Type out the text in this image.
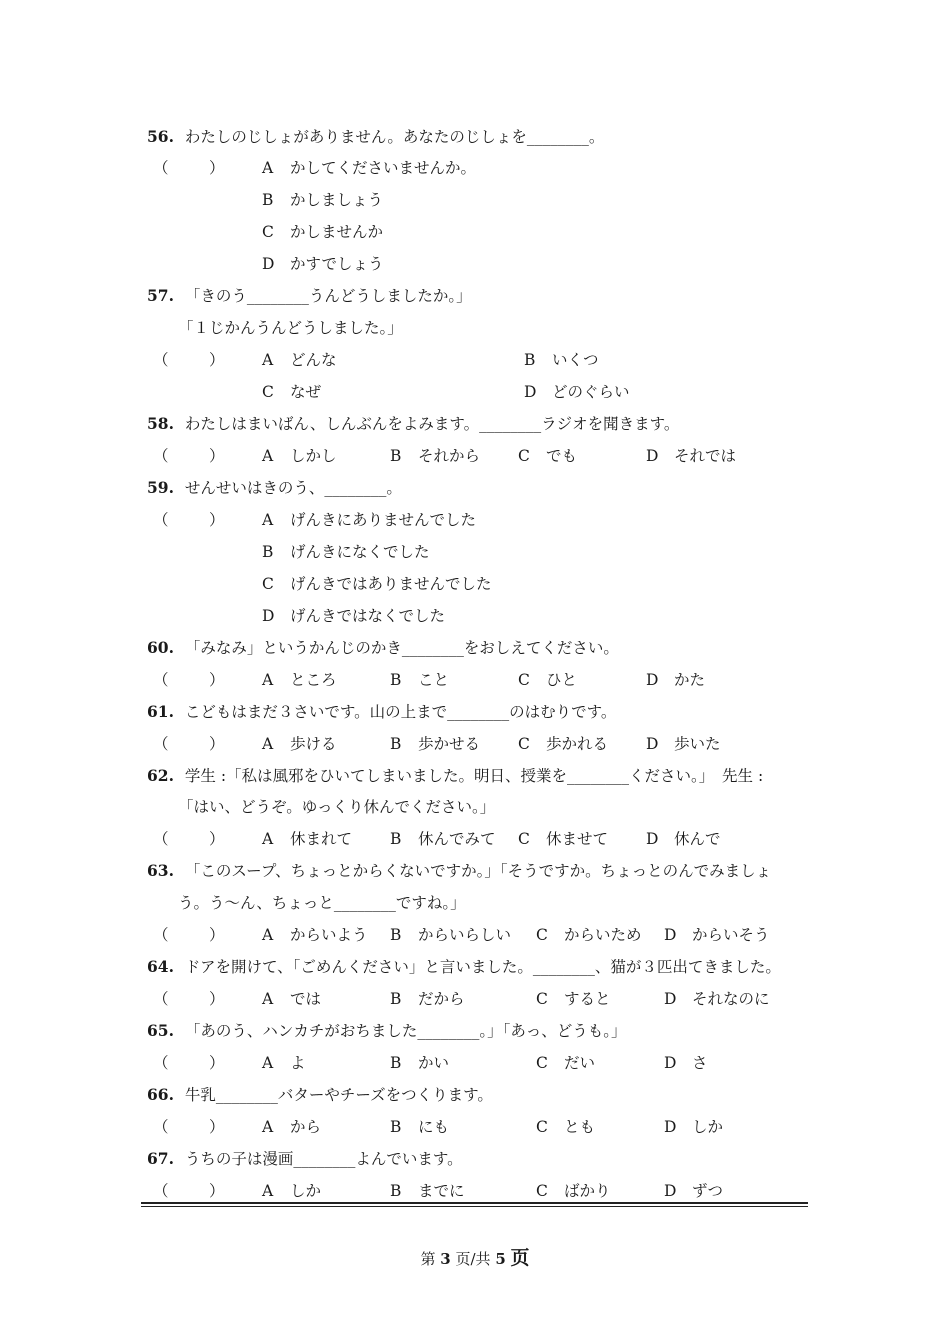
56. わたしのじしょがありません。あなたのじしょを________。
（	） A かしてくださいませんか。
B かしましょう
C かしませんか
D かすでしょう
57. 「きのう________うんどうしましたか。」
「１じかんうんどうしました。」
（	） A どんな	B いくつ
C なぜ	D どのぐらい
58. わたしはまいばん、しんぶんをよみます。________ラジオを聞きます。
（	） A しかし	B それから C でも	D それでは
59. せんせいはきのう、________。
（	） A げんきにありませんでした
B げんきになくでした
C げんきではありませんでした
D げんきではなくでした
60. 「みなみ」というかんじのかき________をおしえてください。
（	） A ところ	B こと	C ひと	D かた
61. こどもはまだ３さいです。山の上まで________のはむりです。
（	） A 歩ける	B 歩かせる C 歩かれる D 歩いた
62. 学生 :「私は風邪をひいてしまいました。明日、授業を________ください。」　先生 :
「はい、どうぞ。ゆっくり休んでください。」
（	） A 休まれて B 休んでみて C 休ませて D 休んで
63. 「このスープ、ちょっとからくないですか。」「そうですか。ちょっとのんでみましょ
う。う～ん、ちょっと________ですね。」
（	） A からいよう B からいらしい C からいため D からいそう
64. ドアを開けて、「ごめんください」と言いました。________、猫が３匹出てきました。
（	） A では	B だから	C すると	D それなのに
65. 「あのう、ハンカチがおちました________。」「あっ、どうも。」
（	） A よ	B かい	C だい	D さ
66. 牛乳________バターやチーズをつくります。
（	） A から	B にも	C とも	D しか
67. うちの子は漫画________よんでいます。
（	） A しか	B までに	C ばかり	D ずつ
第 3 页/共 5 页
